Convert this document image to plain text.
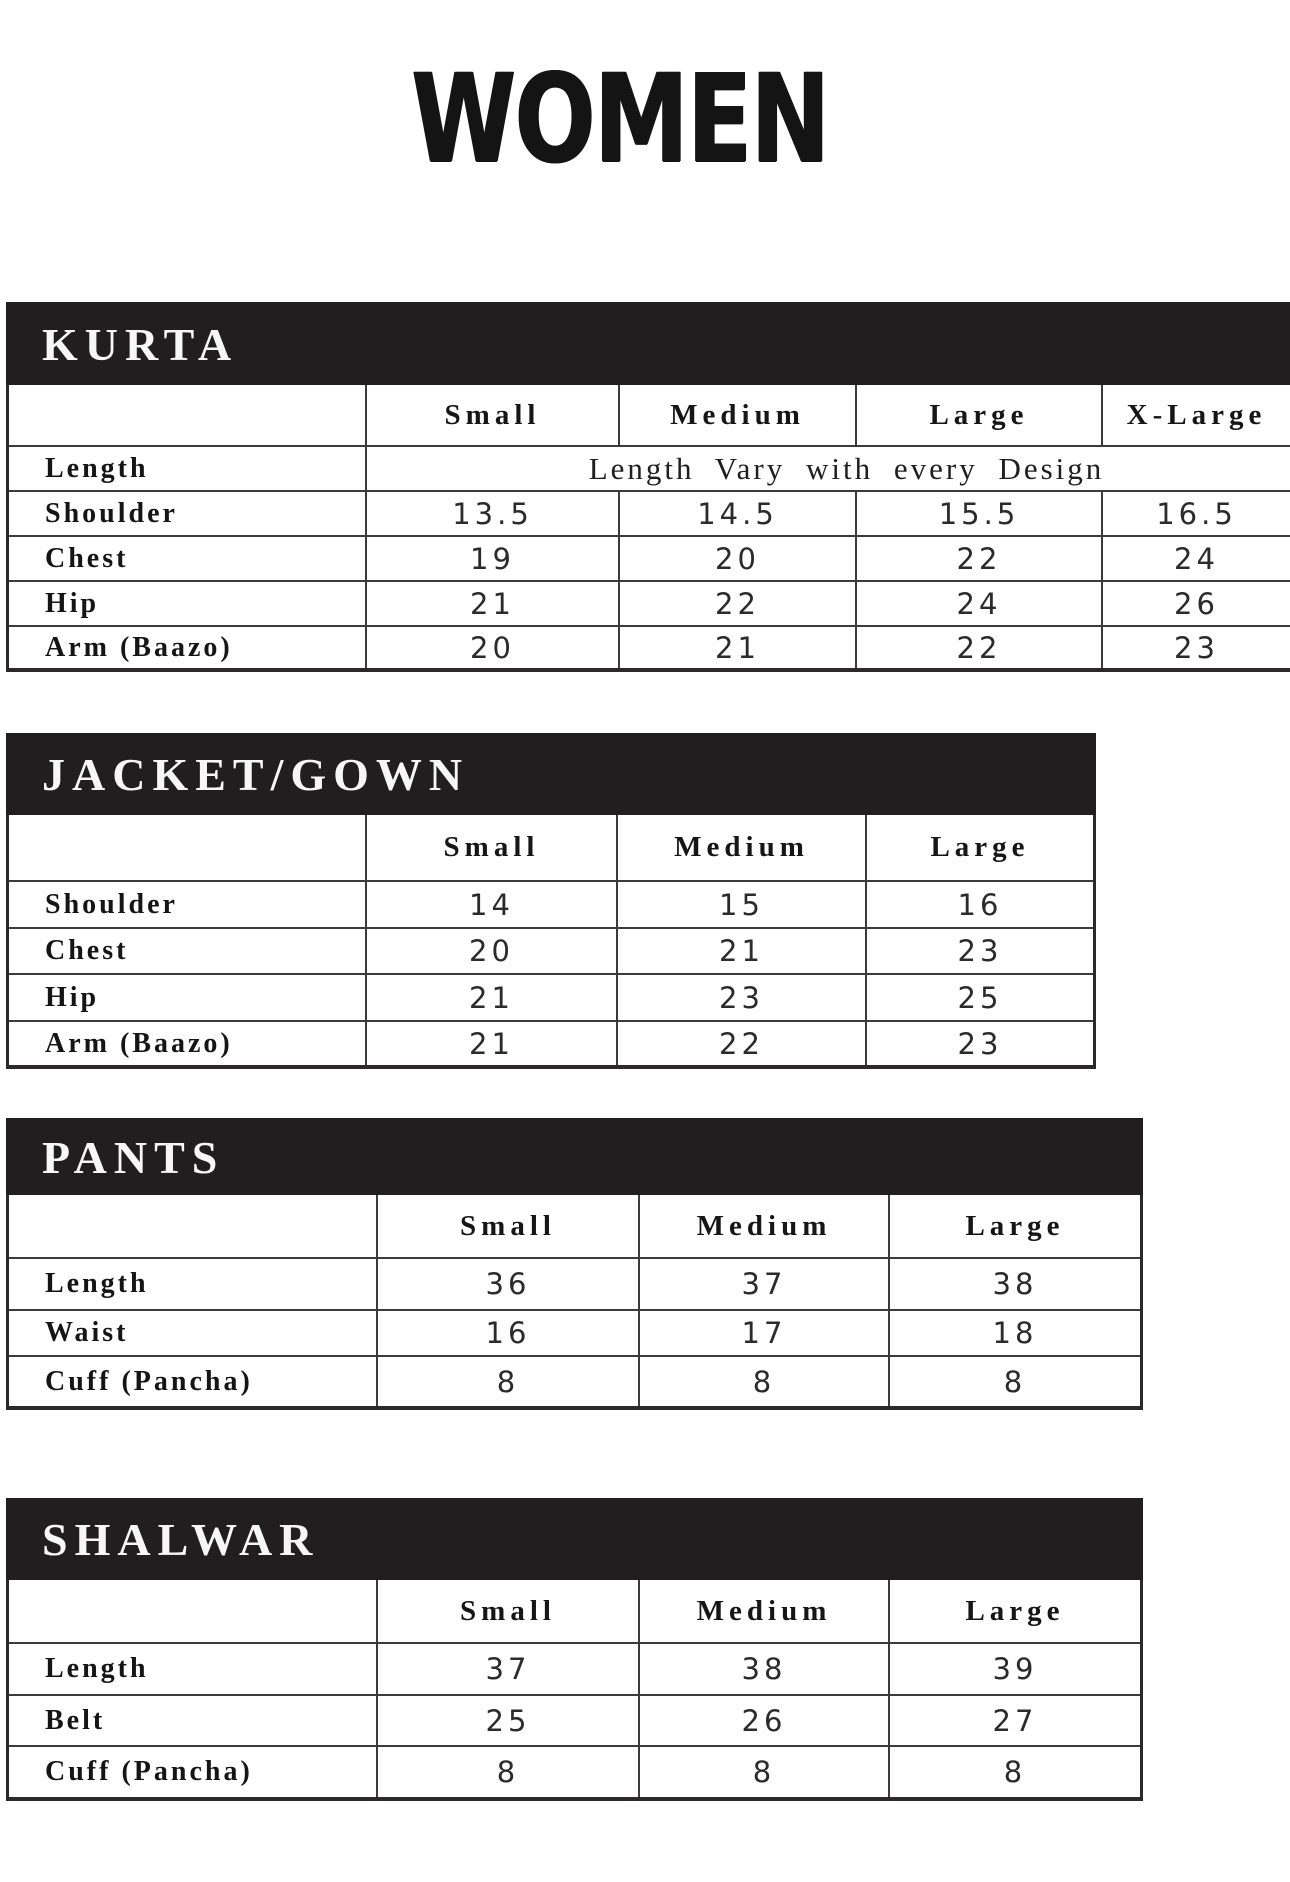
WOMEN
KURTA
Small	Medium	Large	X-Large
Length	Length Vary with every Design
Shoulder	13.5	14.5	15.5	16.5
Chest	19	20	22	24
Hip	21	22	24	26
Arm (Baazo)	20	21	22	23
JACKET/GOWN
Small	Medium	Large
Shoulder	14	15	16
Chest	20	21	23
Hip	21	23	25
Arm (Baazo)	21	22	23
PANTS
Small	Medium	Large
Length	36	37	38
Waist	16	17	18
Cuff (Pancha)	8	8	8
SHALWAR
Small	Medium	Large
Length	37	38	39
Belt	25	26	27
Cuff (Pancha)	8	8	8
